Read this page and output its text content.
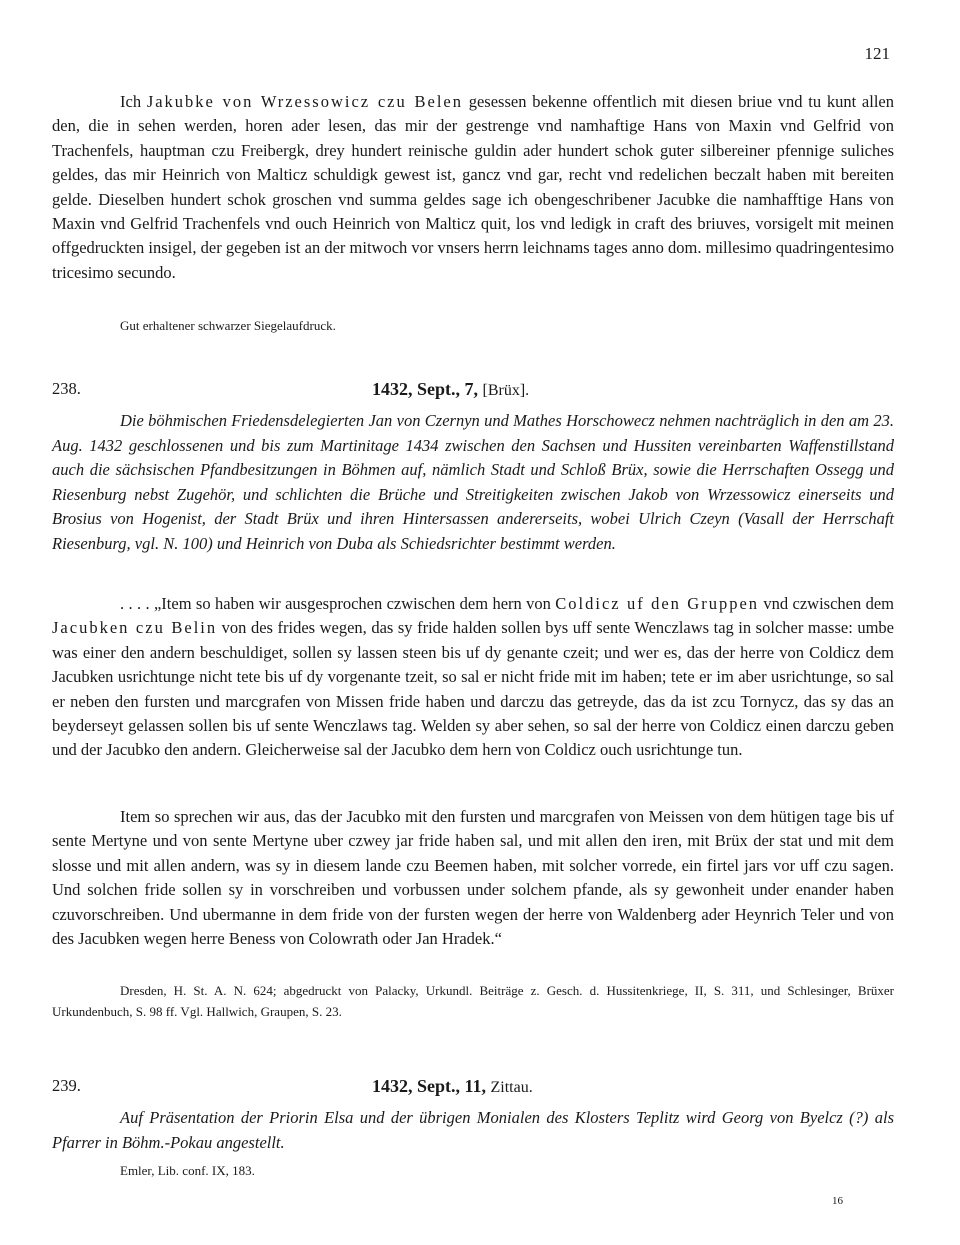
121
Ich Jakubke von Wrzessowicz czu Belen gesessen bekenne offentlich mit diesen briue vnd tu kunt allen den, die in sehen werden, horen ader lesen, das mir der gestrenge vnd namhaftige Hans von Maxin vnd Gelfrid von Trachenfels, hauptman czu Freibergk, drey hundert reinische guldin ader hundert schok guter silbereiner pfennige suliches geldes, das mir Heinrich von Malticz schuldigk gewest ist, gancz vnd gar, recht vnd redelichen beczalt haben mit bereiten gelde. Dieselben hundert schok groschen vnd summa geldes sage ich obengeschribener Jacubke die namhafftige Hans von Maxin vnd Gelfrid Trachenfels vnd ouch Heinrich von Malticz quit, los vnd ledigk in craft des briuves, vorsigelt mit meinen offgedruckten insigel, der gegeben ist an der mitwoch vor vnsers herrn leichnams tages anno dom. millesimo quadringentesimo tricesimo secundo.
Gut erhaltener schwarzer Siegelaufdruck.
238.	1432, Sept., 7, [Brüx].
Die böhmischen Friedensdelegierten Jan von Czernyn und Mathes Horschowecz nehmen nachträglich in den am 23. Aug. 1432 geschlossenen und bis zum Martinitage 1434 zwischen den Sachsen und Hussiten vereinbarten Waffenstillstand auch die sächsischen Pfandbesitzungen in Böhmen auf, nämlich Stadt und Schloß Brüx, sowie die Herrschaften Ossegg und Riesenburg nebst Zugehör, und schlichten die Brüche und Streitigkeiten zwischen Jakob von Wrzessowicz einerseits und Brosius von Hogenist, der Stadt Brüx und ihren Hintersassen andererseits, wobei Ulrich Czeyn (Vasall der Herrschaft Riesenburg, vgl. N. 100) und Heinrich von Duba als Schiedsrichter bestimmt werden.
. . . . „Item so haben wir ausgesprochen czwischen dem hern von Coldicz uf den Gruppen vnd czwischen dem Jacubken czu Belin von des frides wegen, das sy fride halden sollen bys uff sente Wenczlaws tag in solcher masse: umbe was einer den andern beschuldiget, sollen sy lassen steen bis uf dy genante czeit; und wer es, das der herre von Coldicz dem Jacubken usrichtunge nicht tete bis uf dy vorgenante tzeit, so sal er nicht fride mit im haben; tete er im aber usrichtunge, so sal er neben den fursten und marcgrafen von Missen fride haben und darczu das getreyde, das da ist zcu Tornycz, das sy das an beyderseyt gelassen sollen bis uf sente Wenczlaws tag. Welden sy aber sehen, so sal der herre von Coldicz einen darczu geben und der Jacubko den andern. Gleicherweise sal der Jacubko dem hern von Coldicz ouch usrichtunge tun.
Item so sprechen wir aus, das der Jacubko mit den fursten und marcgrafen von Meissen von dem hütigen tage bis uf sente Mertyne und von sente Mertyne uber czwey jar fride haben sal, und mit allen den iren, mit Brüx der stat und mit dem slosse und mit allen andern, was sy in diesem lande czu Beemen haben, mit solcher vorrede, ein firtel jars vor uff czu sagen. Und solchen fride sollen sy in vorschreiben und vorbussen under solchem pfande, als sy gewonheit under enander haben czuvorschreiben. Und ubermanne in dem fride von der fursten wegen der herre von Waldenberg ader Heynrich Teler und von des Jacubken wegen herre Beness von Colowrath oder Jan Hradek.“
Dresden, H. St. A. N. 624; abgedruckt von Palacky, Urkundl. Beiträge z. Gesch. d. Hussitenkriege, II, S. 311, und Schlesinger, Brüxer Urkundenbuch, S. 98 ff. Vgl. Hallwich, Graupen, S. 23.
239.	1432, Sept., 11, Zittau.
Auf Präsentation der Priorin Elsa und der übrigen Monialen des Klosters Teplitz wird Georg von Byelcz (?) als Pfarrer in Böhm.-Pokau angestellt.
Emler, Lib. conf. IX, 183.
16
